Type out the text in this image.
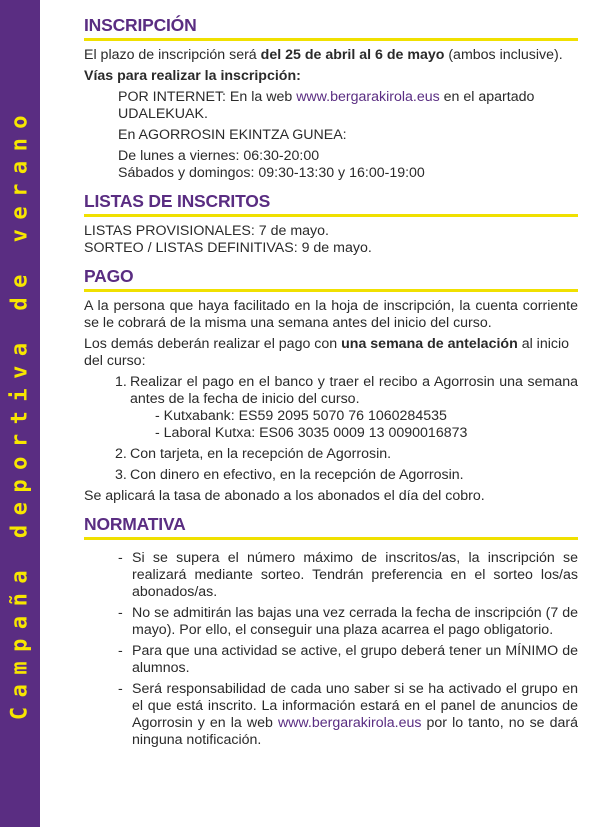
Campaña deportiva de verano
INSCRIPCIÓN

El plazo de inscripción será del 25 de abril al 6 de mayo (ambos inclusive).

Vías para realizar la inscripción:

POR INTERNET: En la web www.bergarakirola.eus en el apartado UDALEKUAK.

En AGORROSIN EKINTZA GUNEA:

De lunes a viernes: 06:30-20:00

Sábados y domingos: 09:30-13:30 y 16:00-19:00

LISTAS DE INSCRITOS

LISTAS PROVISIONALES: 7 de mayo.

SORTEO / LISTAS DEFINITIVAS: 9 de mayo.

PAGO

A la persona que haya facilitado en la hoja de inscripción, la cuenta corriente se le cobrará de la misma una semana antes del inicio del curso.

Los demás deberán realizar el pago con una semana de antelación al inicio del curso:

1. Realizar el pago en el banco y traer el recibo a Agorrosin una semana antes de la fecha de inicio del curso.
- Kutxabank: ES59 2095 5070 76 1060284535
- Laboral Kutxa: ES06 3035 0009 13 0090016873
2. Con tarjeta, en la recepción de Agorrosin.
3. Con dinero en efectivo, en la recepción de Agorrosin.

Se aplicará la tasa de abonado a los abonados el día del cobro.

NORMATIVA
- Si se supera el número máximo de inscritos/as, la inscripción se realizará mediante sorteo. Tendrán preferencia en el sorteo los/as abonados/as.
- No se admitirán las bajas una vez cerrada la fecha de inscripción (7 de mayo). Por ello, el conseguir una plaza acarrea el pago obligatorio.
- Para que una actividad se active, el grupo deberá tener un MÍNIMO de alumnos.
- Será responsabilidad de cada uno saber si se ha activado el grupo en el que está inscrito. La información estará en el panel de anuncios de Agorrosin y en la web www.bergarakirola.eus por lo tanto, no se dará ninguna notificación.
